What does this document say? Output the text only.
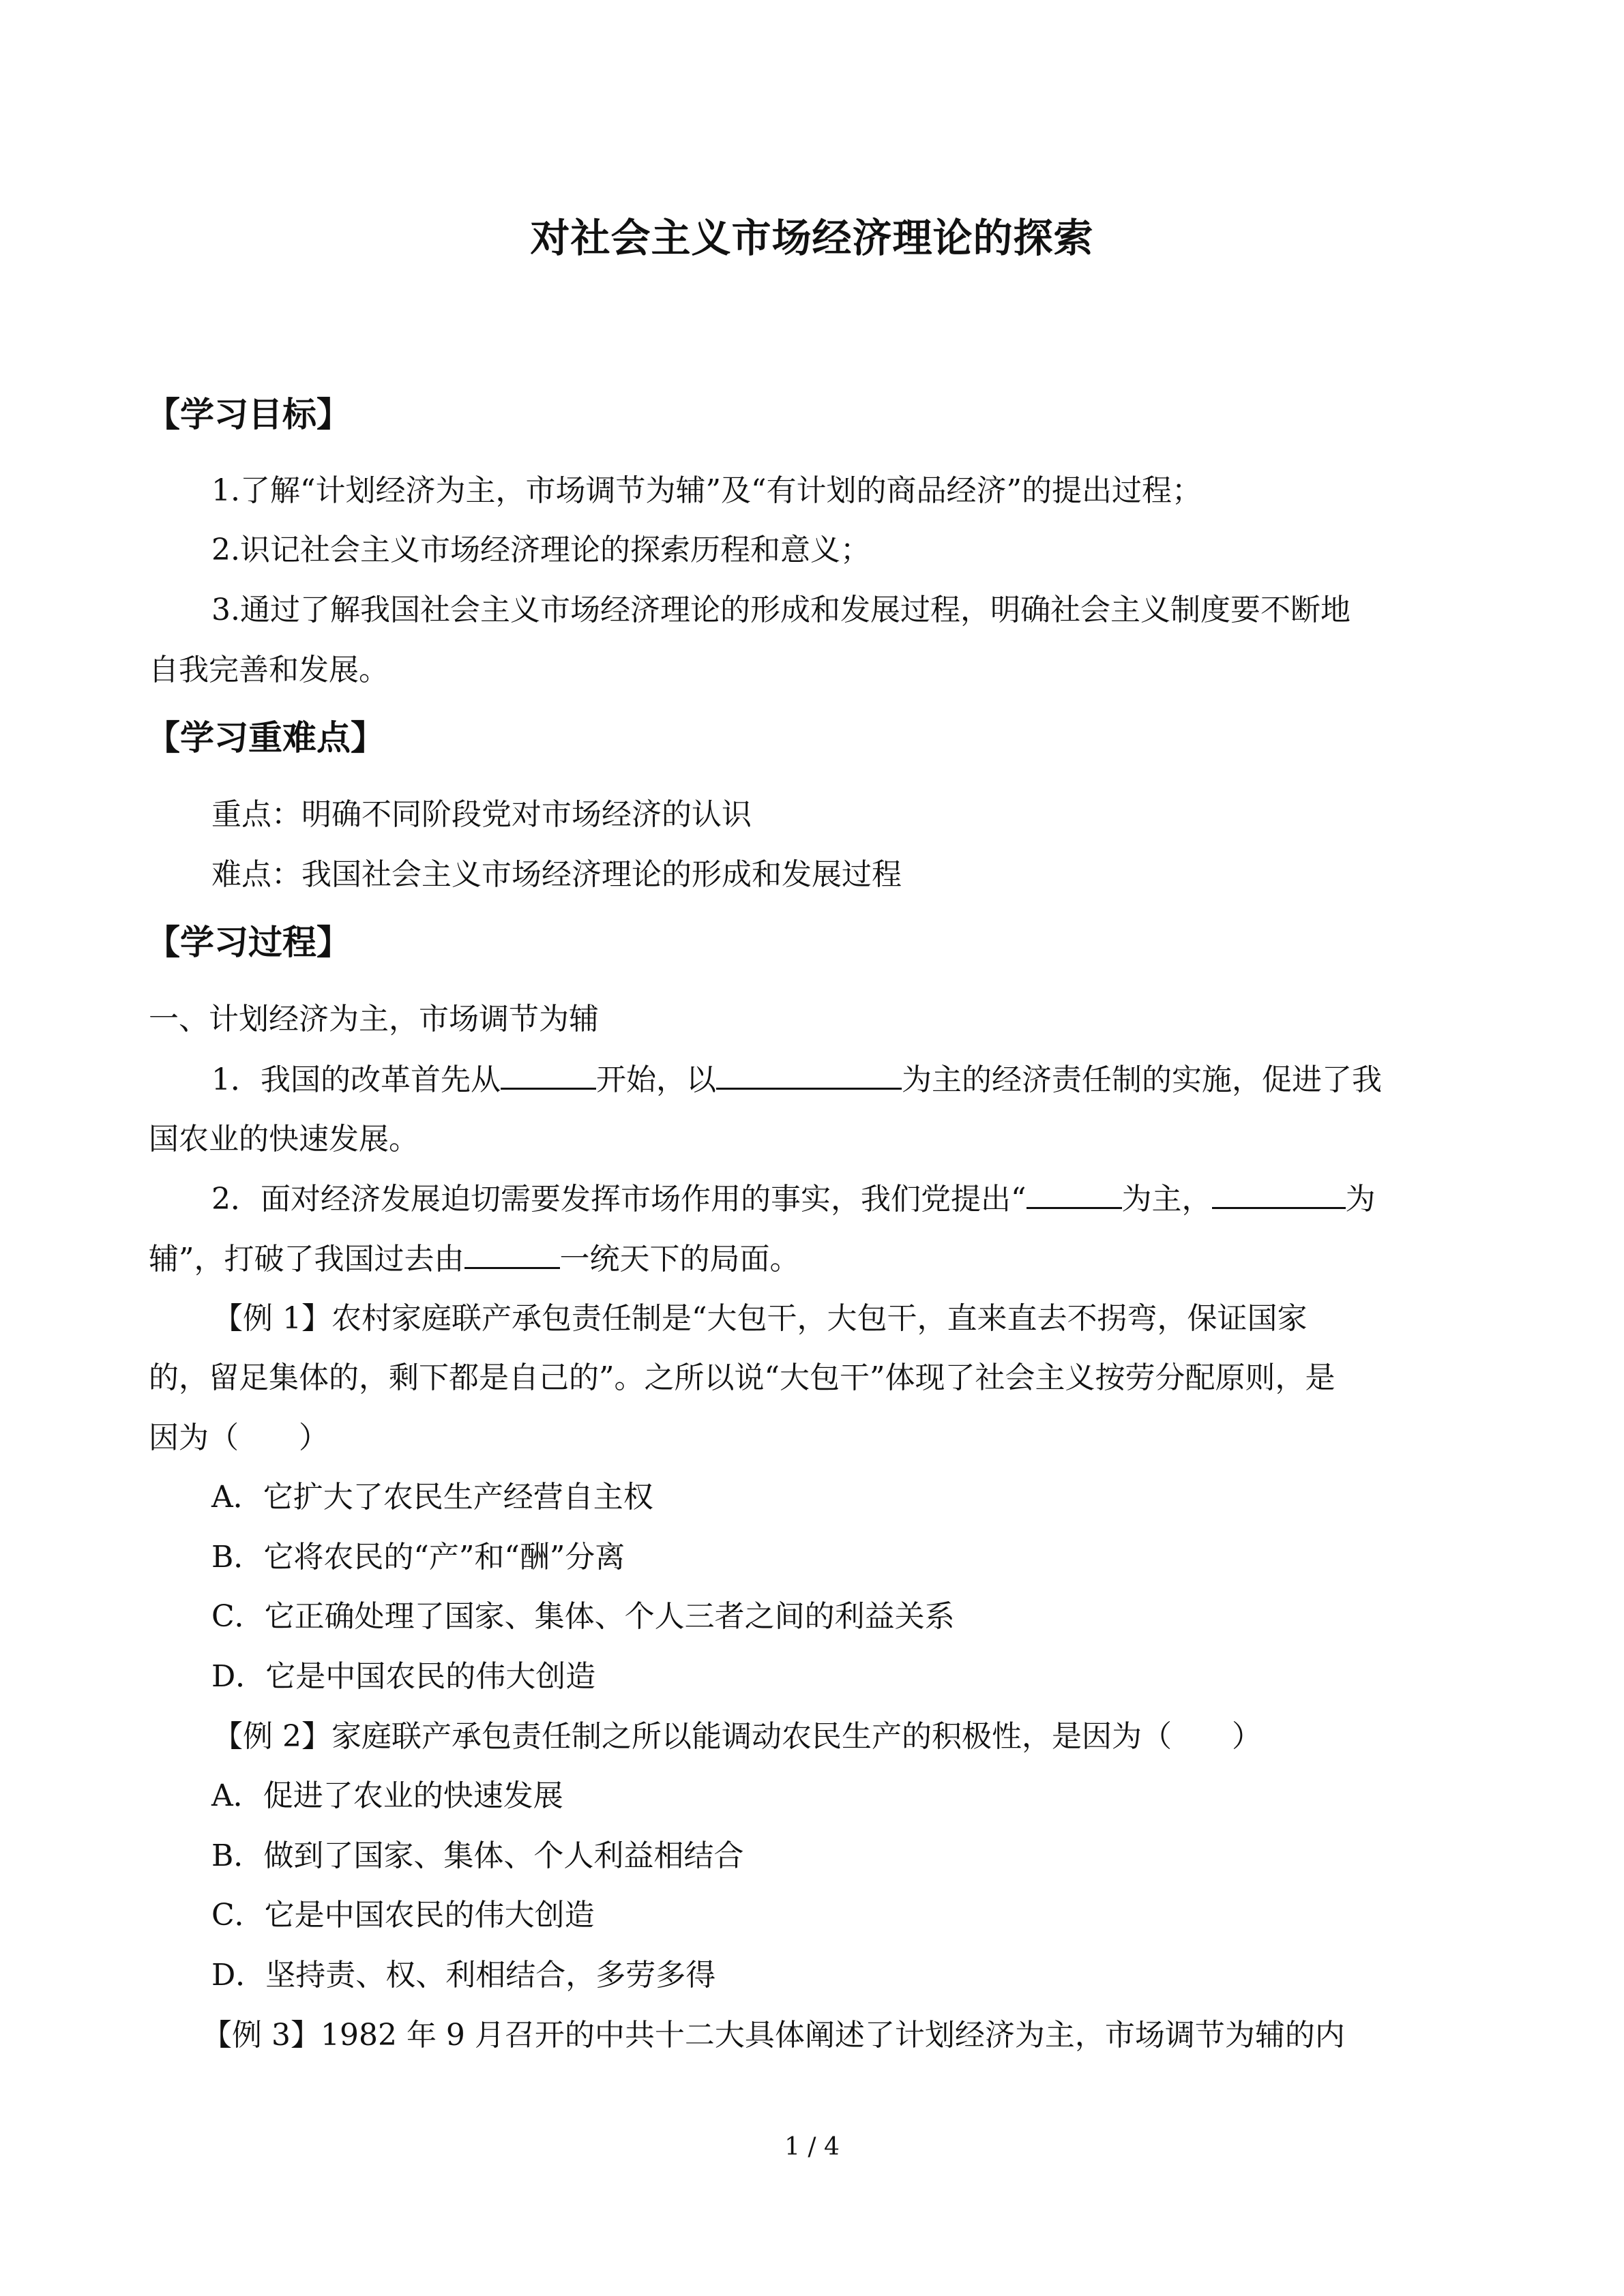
对社会主义市场经济理论的探索
【学习目标】
1.了解“计划经济为主，市场调节为辅”及“有计划的商品经济”的提出过程；
2.识记社会主义市场经济理论的探索历程和意义；
3.通过了解我国社会主义市场经济理论的形成和发展过程，明确社会主义制度要不断地
自我完善和发展。
【学习重难点】
重点：明确不同阶段党对市场经济的认识
难点：我国社会主义市场经济理论的形成和发展过程
【学习过程】
一、计划经济为主，市场调节为辅
1．我国的改革首先从	开始，以	为主的经济责任制的实施，促进了我
国农业的快速发展。
2．面对经济发展迫切需要发挥市场作用的事实，我们党提出“	为主，	为
辅”，打破了我国过去由	一统天下的局面。
【例 1】农村家庭联产承包责任制是“大包干，大包干，直来直去不拐弯，保证国家
的，留足集体的，剩下都是自己的”。之所以说“大包干”体现了社会主义按劳分配原则，是
因为（　　）
A．它扩大了农民生产经营自主权
B．它将农民的“产”和“酬”分离
C．它正确处理了国家、集体、个人三者之间的利益关系
D．它是中国农民的伟大创造
【例 2】家庭联产承包责任制之所以能调动农民生产的积极性，是因为（　　）
A．促进了农业的快速发展
B．做到了国家、集体、个人利益相结合
C．它是中国农民的伟大创造
D．坚持责、权、利相结合，多劳多得
【例 3】1982 年 9 月召开的中共十二大具体阐述了计划经济为主，市场调节为辅的内
1 / 4
